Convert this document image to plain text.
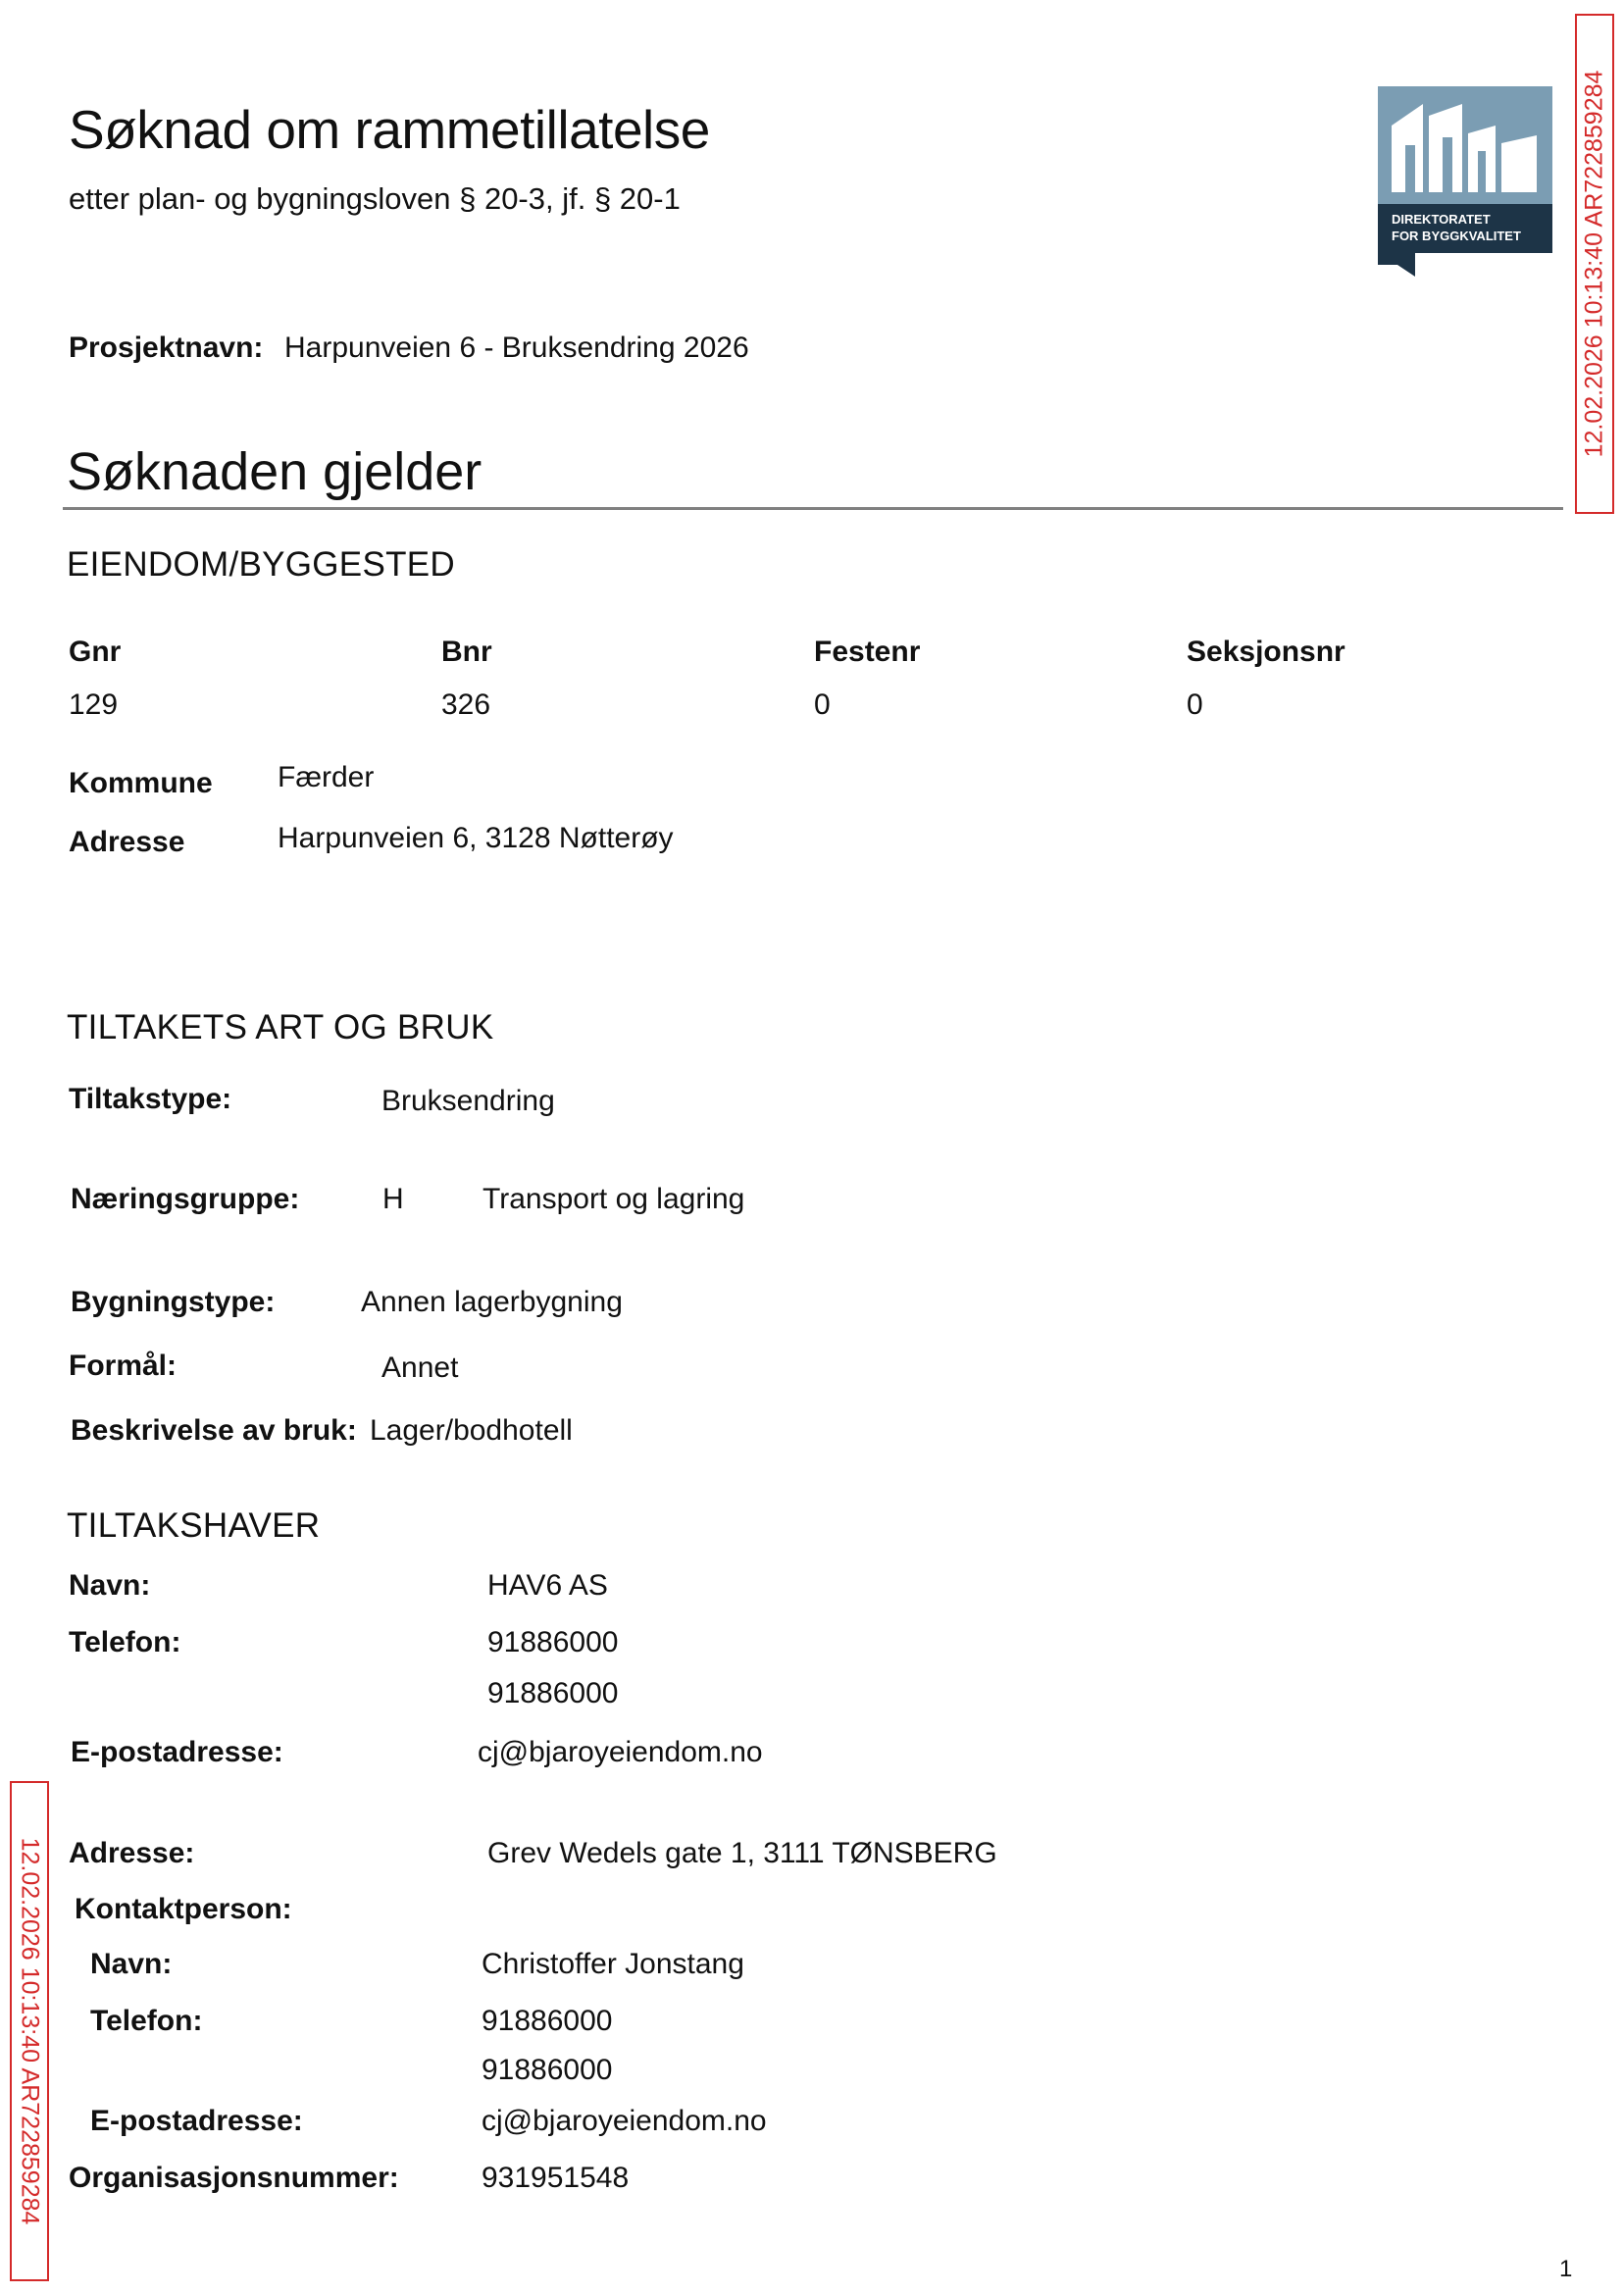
Søknad om rammetillatelse
etter plan- og bygningsloven § 20-3, jf. § 20-1
DIREKTORATET
FOR BYGGKVALITET 12.02.2026 10:13:40 AR722859284
12.02.2026 10:13:40 AR722859284
Prosjektnavn: Harpunveien 6 - Bruksendring 2026
Søknaden gjelder
EIENDOM/BYGGESTED
Gnr	Bnr	Festenr	Seksjonsnr
129	326	0	0
Kommune Færder
Adresse	Harpunveien 6, 3128 Nøtterøy
TILTAKETS ART OG BRUK
Tiltakstype:	Bruksendring
Næringsgruppe:	H	Transport og lagring
Bygningstype:	Annen lagerbygning
Formål:	Annet
Beskrivelse av bruk: Lager/bodhotell
TILTAKSHAVER
Navn:	HAV6 AS
Telefon:	91886000
91886000
E-postadresse:	cj@bjaroyeiendom.no
Adresse:	Grev Wedels gate 1, 3111 TØNSBERG
Kontaktperson:
Navn:	Christoffer Jonstang
Telefon:	91886000
91886000
E-postadresse:	cj@bjaroyeiendom.no
Organisasjonsnummer:	931951548
1
